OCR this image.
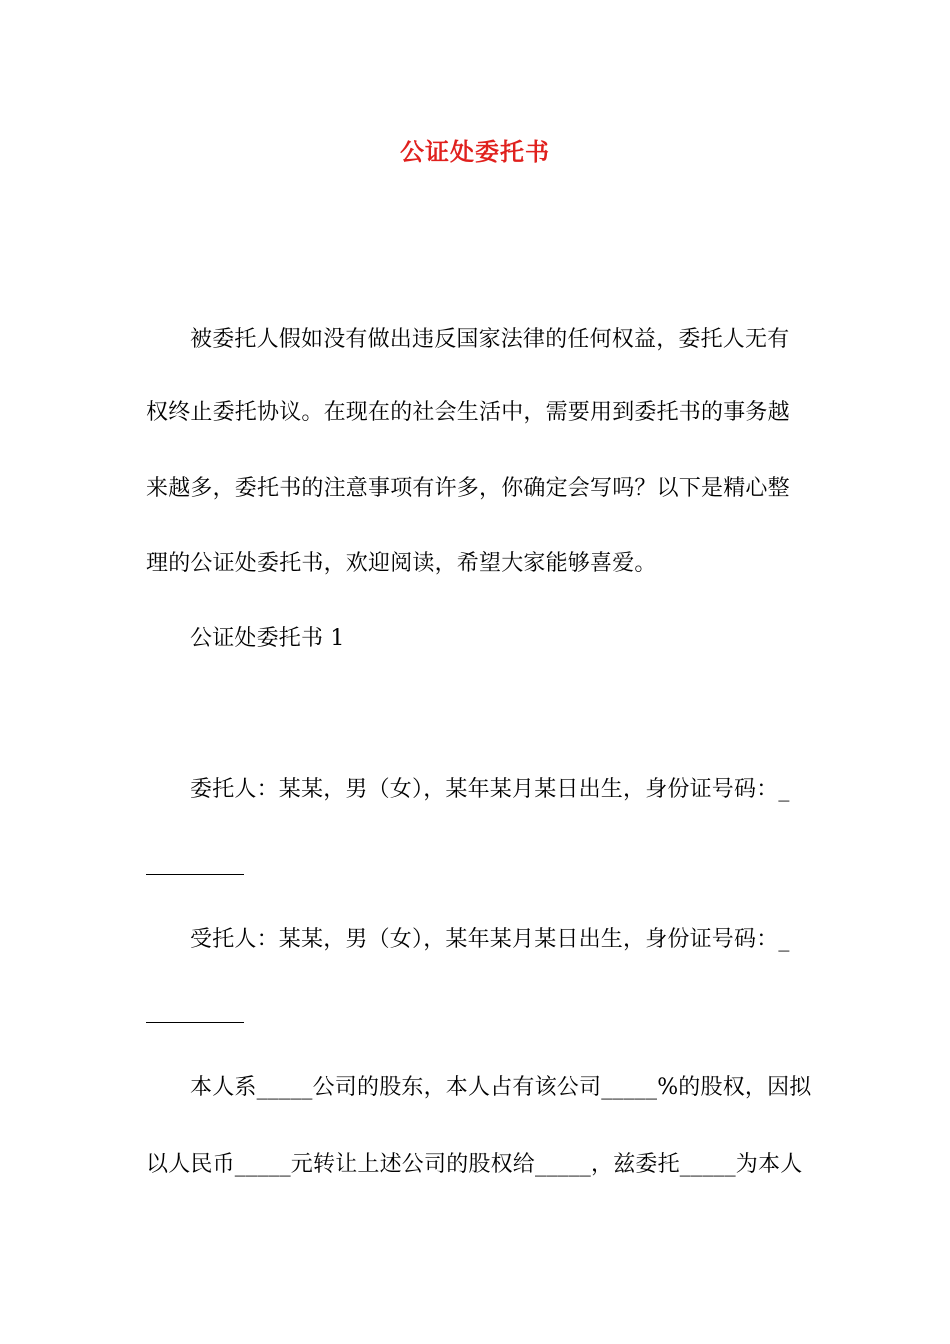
公证处委托书
被委托人假如没有做出违反国家法律的任何权益，委托人无有
权终止委托协议。在现在的社会生活中，需要用到委托书的事务越
来越多，委托书的注意事项有许多，你确定会写吗？以下是精心整
理的公证处委托书，欢迎阅读，希望大家能够喜爱。
公证处委托书 1
委托人：某某，男（女），某年某月某日出生，身份证号码：_
受托人：某某，男（女），某年某月某日出生，身份证号码：_
本人系_____公司的股东，本人占有该公司_____%的股权，因拟
以人民币_____元转让上述公司的股权给_____，兹委托_____为本人
